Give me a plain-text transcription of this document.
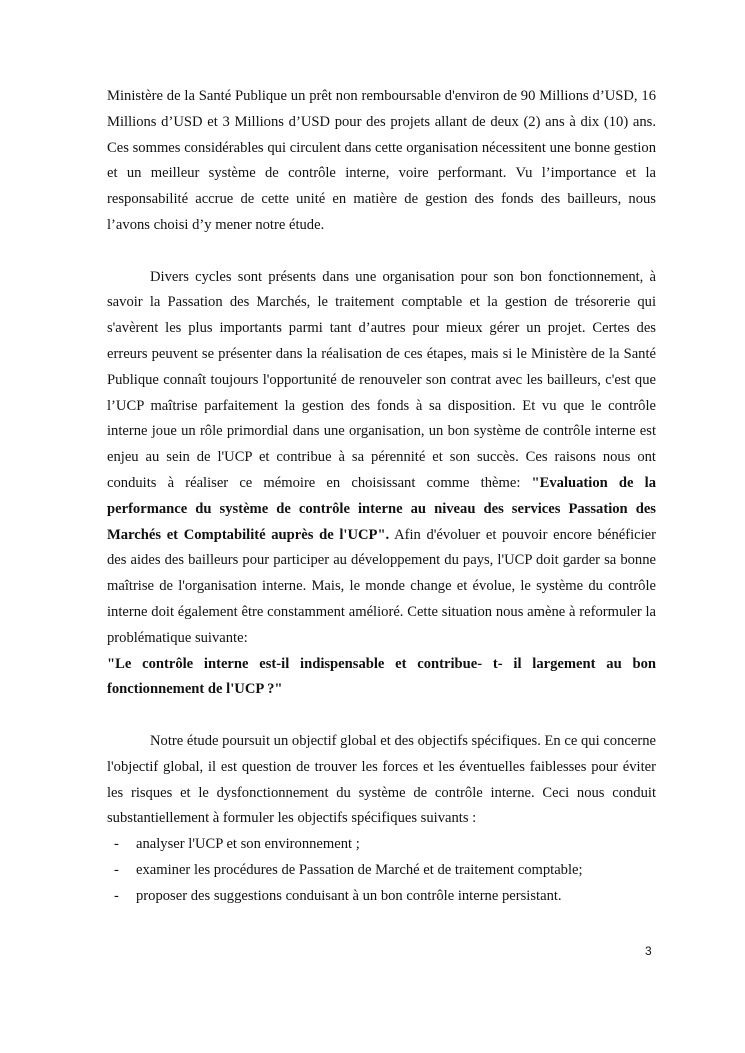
Ministère de la Santé Publique un prêt non remboursable d'environ de 90 Millions d’USD, 16 Millions d’USD et 3 Millions d’USD pour des projets allant de deux (2) ans à dix (10) ans. Ces sommes considérables qui circulent dans cette organisation nécessitent une bonne gestion et un meilleur système de contrôle interne, voire performant. Vu l’importance et la responsabilité accrue de cette unité en matière de gestion des fonds des bailleurs, nous l’avons choisi d’y mener notre étude.

Divers cycles sont présents dans une organisation pour son bon fonctionnement, à savoir la Passation des Marchés, le traitement comptable et la gestion de trésorerie qui s'avèrent les plus importants parmi tant d’autres pour mieux gérer un projet. Certes des erreurs peuvent se présenter dans la réalisation de ces étapes, mais si le Ministère de la Santé Publique connaît toujours l'opportunité de renouveler son contrat avec les bailleurs, c'est que l’UCP maîtrise parfaitement la gestion des fonds à sa disposition. Et vu que le contrôle interne joue un rôle primordial dans une organisation, un bon système de contrôle interne est enjeu au sein de l'UCP et contribue à sa pérennité et son succès. Ces raisons nous ont conduits à réaliser ce mémoire en choisissant comme thème: "Evaluation de la performance du système de contrôle interne au niveau des services Passation des Marchés et Comptabilité auprès de l'UCP". Afin d'évoluer et pouvoir encore bénéficier des aides des bailleurs pour participer au développement du pays, l'UCP doit garder sa bonne maîtrise de l'organisation interne. Mais, le monde change et évolue, le système du contrôle interne doit également être constamment amélioré. Cette situation nous amène à reformuler la problématique suivante:

"Le contrôle interne est-il indispensable et contribue- t- il largement au bon fonctionnement de l'UCP ?"

Notre étude poursuit un objectif global et des objectifs spécifiques. En ce qui concerne l'objectif global, il est question de trouver les forces et les éventuelles faiblesses pour éviter les risques et le dysfonctionnement du système de contrôle interne. Ceci nous conduit substantiellement à formuler les objectifs spécifiques suivants :

- analyser l'UCP et son environnement ;
- examiner les procédures de Passation de Marché et de traitement comptable;
- proposer des suggestions conduisant à un bon contrôle interne persistant.
3
